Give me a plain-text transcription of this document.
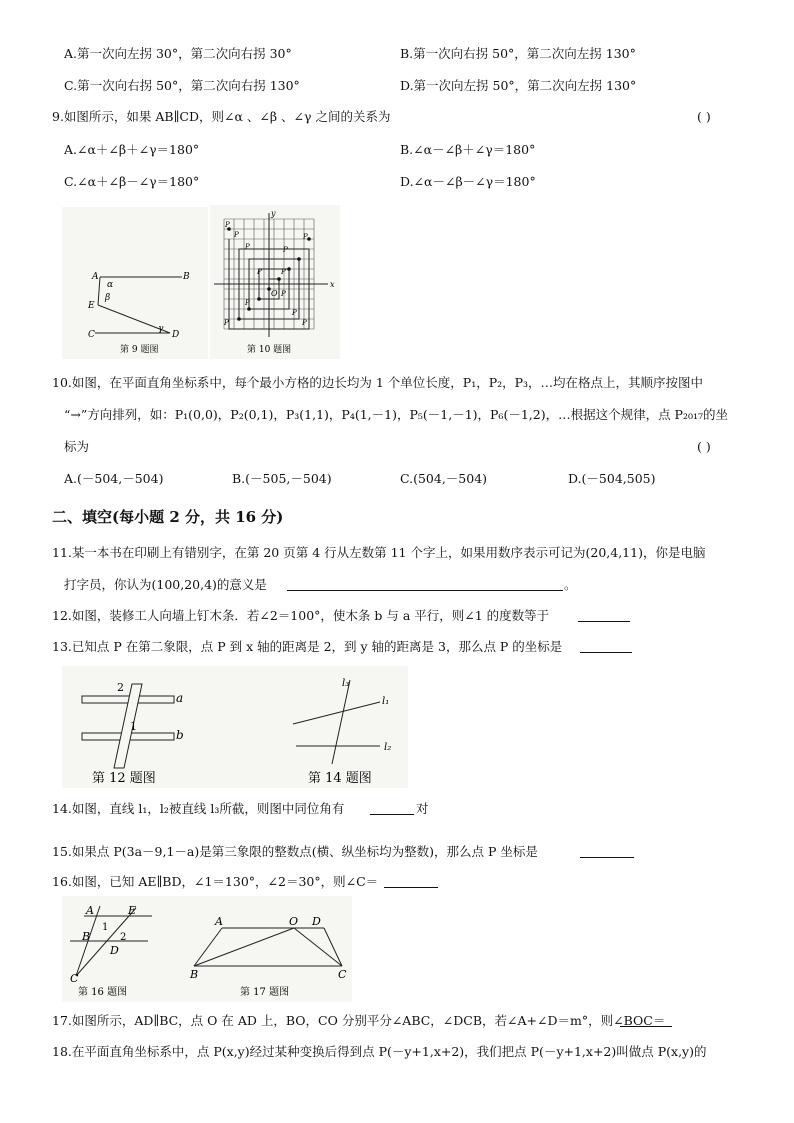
A.第一次向左拐 30°，第二次向右拐 30°	B.第一次向右拐 50°，第二次向左拐 130°
C.第一次向右拐 50°，第二次向右拐 130°	D.第一次向左拐 50°，第二次向左拐 130°
9.如图所示，如果 AB∥CD，则∠α 、∠β 、∠γ 之间的关系为	( )
A.∠α＋∠β＋∠γ＝180°	B.∠α－∠β＋∠γ＝180°
C.∠α＋∠β－∠γ＝180°	D.∠α－∠β－∠γ＝180°
A	B
C	D
E
α
β
γ
第 9 题图
x
y
O
P
P
P
P	P
P
P
P
P
P
P	P
第 10 题图
10.如图，在平面直角坐标系中，每个最小方格的边长均为 1 个单位长度，P₁，P₂，P₃，…均在格点上，其顺序按图中
“→”方向排列，如：P₁(0,0)，P₂(0,1)，P₃(1,1)，P₄(1,－1)，P₅(－1,－1)，P₆(－1,2)，…根据这个规律，点 P₂₀₁₇的坐
标为	( )
A.(－504,－504)	B.(－505,－504)	C.(504,－504)	D.(－504,505)
二、填空(每小题 2 分，共 16 分)
11.某一本书在印刷上有错别字，在第 20 页第 4 行从左数第 11 个字上，如果用数序表示可记为(20,4,11)，你是电脑
打字员，你认为(100,20,4)的意义是	。
12.如图，装修工人向墙上钉木条．若∠2＝100°，使木条 b 与 a 平行，则∠1 的度数等于
13.已知点 P 在第二象限，点 P 到 x 轴的距离是 2，到 y 轴的距离是 3，那么点 P 的坐标是
a
b
2
1
第 12 题图
l₃
l₁
l₂
第 14 题图
14.如图，直线 l₁，l₂被直线 l₃所截，则图中同位角有	对
15.如果点 P(3a－9,1－a)是第三象限的整数点(横、纵坐标均为整数)，那么点 P 坐标是
16.如图，已知 AE∥BD，∠1＝130°，∠2＝30°，则∠C＝
A	E
B
D
C
1
2
第 16 题图
A	O D
B	C
第 17 题图
17.如图所示，AD∥BC，点 O 在 AD 上，BO，CO 分别平分∠ABC，∠DCB，若∠A+∠D＝m°，则∠BOC＝
18.在平面直角坐标系中，点 P(x,y)经过某种变换后得到点 P(－y+1,x+2)，我们把点 P(－y+1,x+2)叫做点 P(x,y)的
